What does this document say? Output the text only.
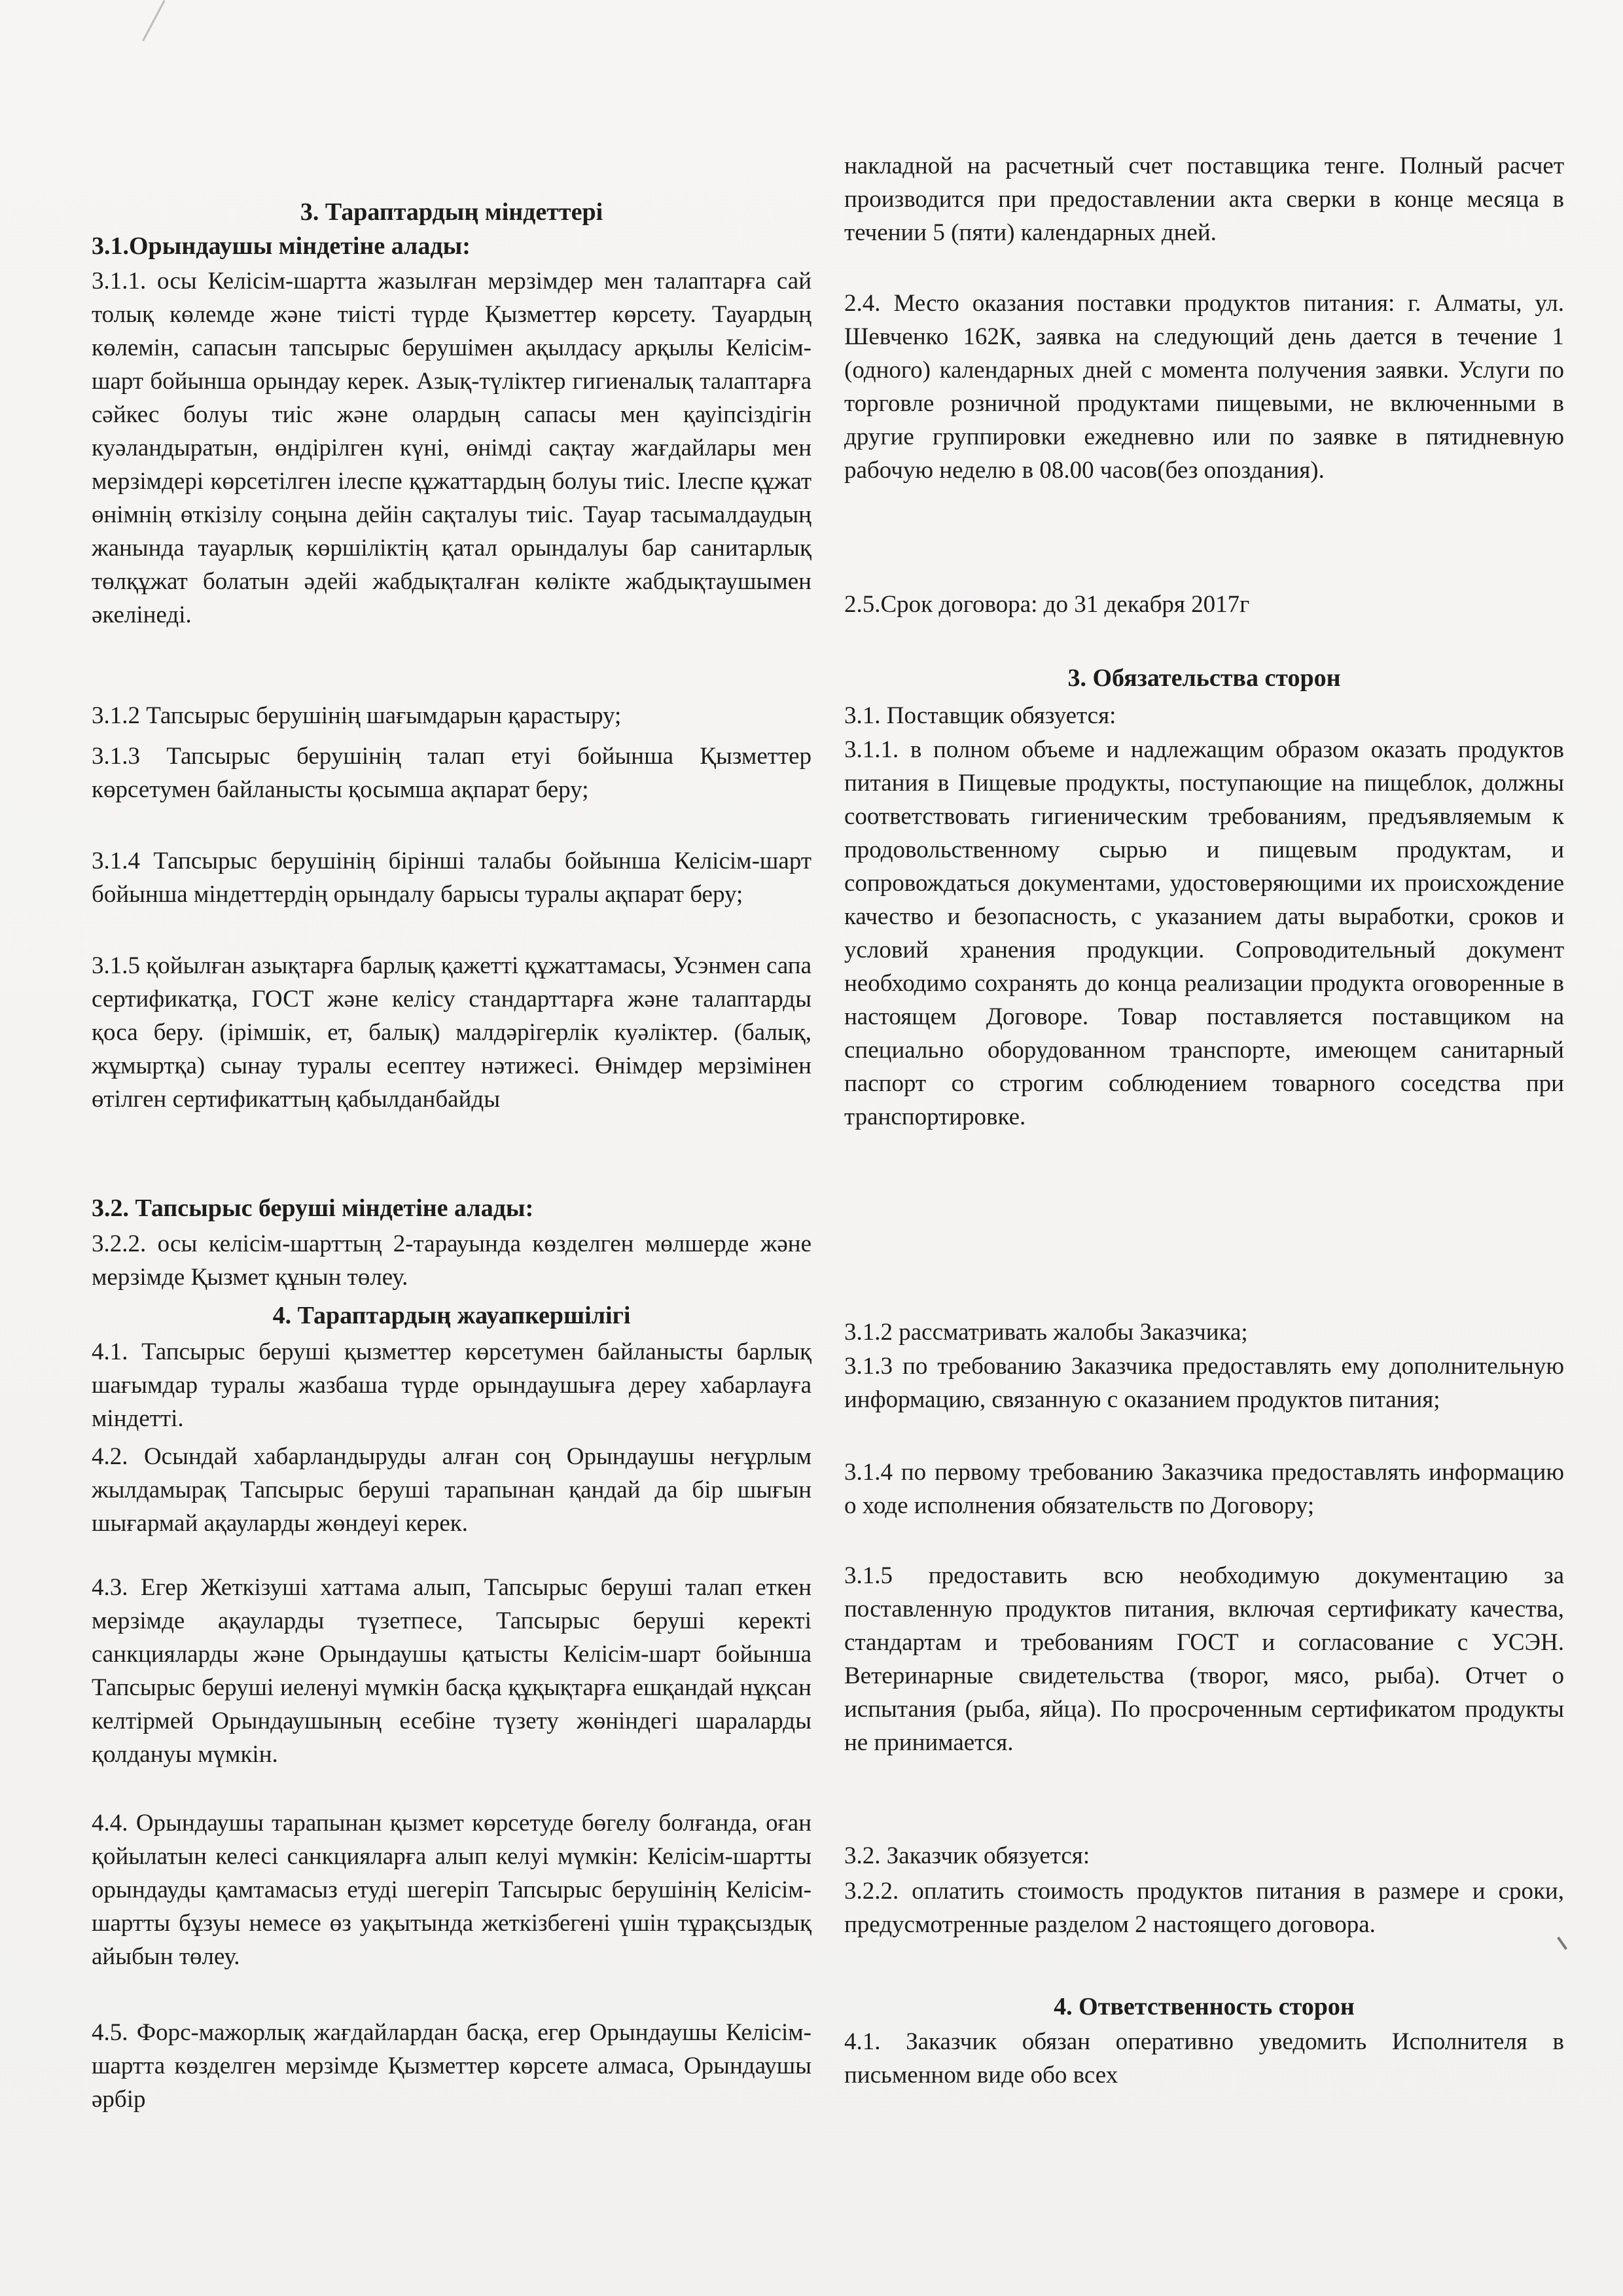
3. Тараптардың міндеттері
3.1.Орындаушы міндетіне алады:

3.1.1. осы Келісім-шартта жазылған мерзімдер мен талаптарға сай толық көлемде және тиісті түрде Қызметтер көрсету. Тауардың көлемін, сапасын тапсырыс берушімен ақылдасу арқылы Келісім-шарт бойынша орындау керек. Азық-түліктер гигиеналық талаптарға сәйкес болуы тиіс және олардың сапасы мен қауіпсіздігін куәландыратын, өндірілген күні, өнімді сақтау жағдайлары мен мерзімдері көрсетілген ілеспе құжаттардың болуы тиіс. Ілеспе құжат өнімнің өткізілу соңына дейін сақталуы тиіс. Тауар тасымалдаудың жанында тауарлық көршіліктің қатал орындалуы бар санитарлық төлқұжат болатын әдейі жабдықталған көлікте жабдықтаушымен әкелінеді.

3.1.2 Тапсырыс берушінің шағымдарын қарастыру;

3.1.3 Тапсырыс берушінің талап етуі бойынша Қызметтер көрсетумен байланысты қосымша ақпарат беру;

3.1.4 Тапсырыс берушінің бірінші талабы бойынша Келісім-шарт бойынша міндеттердің орындалу барысы туралы ақпарат беру;

3.1.5 қойылған азықтарға барлық қажетті құжаттамасы, Усэнмен сапа сертификатқа, ГОСТ және келісу стандарттарға және талаптарды қоса беру. (ірімшік, ет, балық) малдәрігерлік куәліктер. (балық, жұмыртқа) сынау туралы есептеу нәтижесі. Өнімдер мерзімінен өтілген сертификаттың қабылданбайды

3.2. Тапсырыс беруші міндетіне алады:

3.2.2. осы келісім-шарттың 2-тарауында көзделген мөлшерде және мерзімде Қызмет құнын төлеу.

4. Тараптардың жауапкершілігі

4.1. Тапсырыс беруші қызметтер көрсетумен байланысты барлық шағымдар туралы жазбаша түрде орындаушыға дереу хабарлауға міндетті.

4.2. Осындай хабарландыруды алған соң Орындаушы неғұрлым жылдамырақ Тапсырыс беруші тарапынан қандай да бір шығын шығармай ақауларды жөндеуі керек.

4.3. Егер Жеткізуші хаттама алып, Тапсырыс беруші талап еткен мерзімде ақауларды түзетпесе, Тапсырыс беруші керекті санкцияларды және Орындаушы қатысты Келісім-шарт бойынша Тапсырыс беруші иеленуі мүмкін басқа құқықтарға ешқандай нұқсан келтірмей Орындаушының есебіне түзету жөніндегі шараларды қолдануы мүмкін.

4.4. Орындаушы тарапынан қызмет көрсетуде бөгелу болғанда, оған қойылатын келесі санкцияларға алып келуі мүмкін: Келісім-шартты орындауды қамтамасыз етуді шегеріп Тапсырыс берушінің Келісім-шартты бұзуы немесе өз уақытында жеткізбегені үшін тұрақсыздық айыбын төлеу.

4.5. Форс-мажорлық жағдайлардан басқа, егер Орындаушы Келісім-шартта көзделген мерзімде Қызметтер көрсете алмаса, Орындаушы әрбір

накладной на расчетный счет поставщика тенге. Полный расчет производится при предоставлении акта сверки в конце месяца в течении 5 (пяти) календарных дней.

2.4. Место оказания поставки продуктов питания: г. Алматы, ул. Шевченко 162К, заявка на следующий день дается в течение 1 (одного) календарных дней с момента получения заявки. Услуги по торговле розничной продуктами пищевыми, не включенными в другие группировки ежедневно или по заявке в пятидневную рабочую неделю в 08.00 часов(без опоздания).

2.5.Срок договора: до 31 декабря 2017г

3. Обязательства сторон

3.1. Поставщик обязуется:

3.1.1. в полном объеме и надлежащим образом оказать продуктов питания в Пищевые продукты, поступающие на пищеблок, должны соответствовать гигиеническим требованиям, предъявляемым к продовольственному сырью и пищевым продуктам, и сопровождаться документами, удостоверяющими их происхождение качество и безопасность, с указанием даты выработки, сроков и условий хранения продукции. Сопроводительный документ необходимо сохранять до конца реализации продукта оговоренные в настоящем Договоре. Товар поставляется поставщиком на специально оборудованном транспорте, имеющем санитарный паспорт со строгим соблюдением товарного соседства при транспортировке.

3.1.2 рассматривать жалобы Заказчика;

3.1.3 по требованию Заказчика предоставлять ему дополнительную информацию, связанную с оказанием продуктов питания;

3.1.4 по первому требованию Заказчика предоставлять информацию о ходе исполнения обязательств по Договору;

3.1.5 предоставить всю необходимую документацию за поставленную продуктов питания, включая сертификату качества, стандартам и требованиям ГОСТ и согласование с УСЭН. Ветеринарные свидетельства (творог, мясо, рыба). Отчет о испытания (рыба, яйца). По просроченным сертификатом продукты не принимается.

3.2. Заказчик обязуется:

3.2.2. оплатить стоимость продуктов питания в размере и сроки, предусмотренные разделом 2 настоящего договора.

4. Ответственность сторон

4.1. Заказчик обязан оперативно уведомить Исполнителя в письменном виде обо всех
